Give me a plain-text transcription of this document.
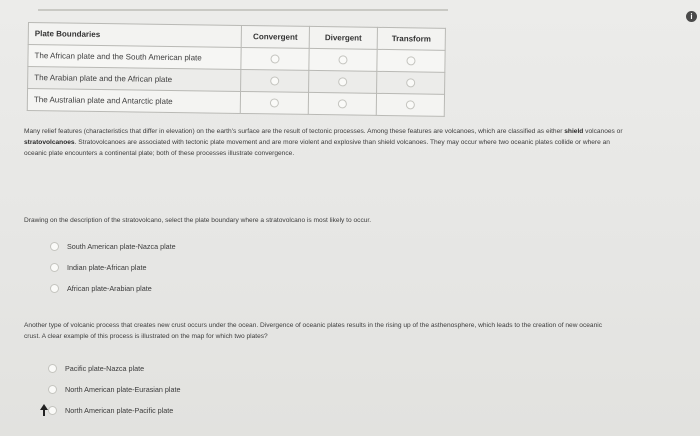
i
Plate Boundaries	Convergent	Divergent	Transform
The African plate and the South American plate			
The Arabian plate and the African plate			
The Australian plate and Antarctic plate			
Many relief features (characteristics that differ in elevation) on the earth's surface are the result of tectonic processes. Among these features are volcanoes, which are classified as either shield volcanoes or stratovolcanoes. Stratovolcanoes are associated with tectonic plate movement and are more violent and explosive than shield volcanoes. They may occur where two oceanic plates collide or where an oceanic plate encounters a continental plate; both of these processes illustrate convergence.
Drawing on the description of the stratovolcano, select the plate boundary where a stratovolcano is most likely to occur.
South American plate-Nazca plate
Indian plate-African plate
African plate-Arabian plate
Another type of volcanic process that creates new crust occurs under the ocean. Divergence of oceanic plates results in the rising up of the asthenosphere, which leads to the creation of new oceanic crust. A clear example of this process is illustrated on the map for which two plates?
Pacific plate-Nazca plate
North American plate-Eurasian plate
North American plate-Pacific plate
